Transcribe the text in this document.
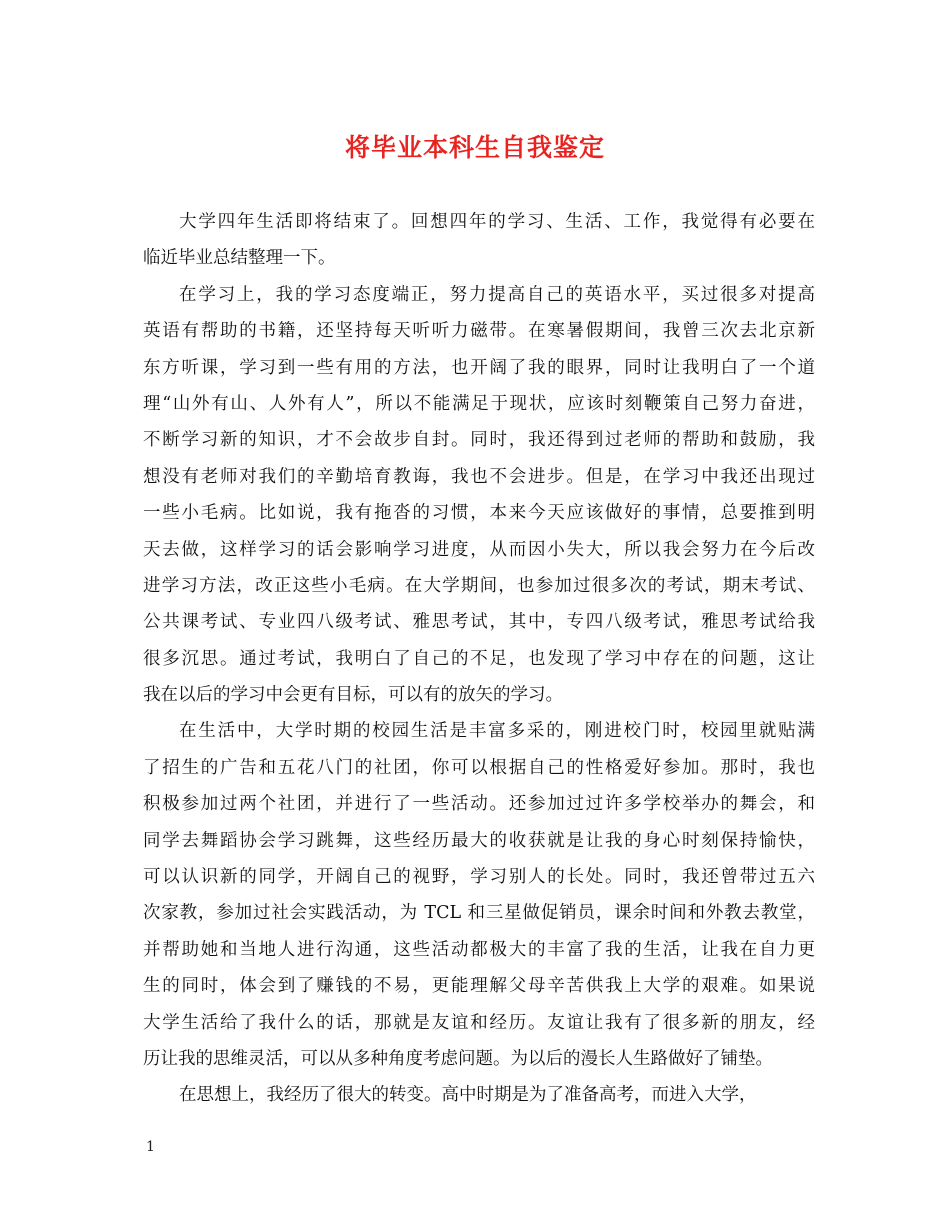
将毕业本科生自我鉴定
大学四年生活即将结束了。回想四年的学习、生活、工作，我觉得有必要在
临近毕业总结整理一下。
在学习上，我的学习态度端正，努力提高自己的英语水平，买过很多对提高
英语有帮助的书籍，还坚持每天听听力磁带。在寒暑假期间，我曾三次去北京新
东方听课，学习到一些有用的方法，也开阔了我的眼界，同时让我明白了一个道
理“山外有山、人外有人”，所以不能满足于现状，应该时刻鞭策自己努力奋进，
不断学习新的知识，才不会故步自封。同时，我还得到过老师的帮助和鼓励，我
想没有老师对我们的辛勤培育教诲，我也不会进步。但是，在学习中我还出现过
一些小毛病。比如说，我有拖沓的习惯，本来今天应该做好的事情，总要推到明
天去做，这样学习的话会影响学习进度，从而因小失大，所以我会努力在今后改
进学习方法，改正这些小毛病。在大学期间，也参加过很多次的考试，期末考试、
公共课考试、专业四八级考试、雅思考试，其中，专四八级考试，雅思考试给我
很多沉思。通过考试，我明白了自己的不足，也发现了学习中存在的问题，这让
我在以后的学习中会更有目标，可以有的放矢的学习。
在生活中，大学时期的校园生活是丰富多采的，刚进校门时，校园里就贴满
了招生的广告和五花八门的社团，你可以根据自己的性格爱好参加。那时，我也
积极参加过两个社团，并进行了一些活动。还参加过过许多学校举办的舞会，和
同学去舞蹈协会学习跳舞，这些经历最大的收获就是让我的身心时刻保持愉快，
可以认识新的同学，开阔自己的视野，学习别人的长处。同时，我还曾带过五六
次家教，参加过社会实践活动，为 TCL 和三星做促销员，课余时间和外教去教堂，
并帮助她和当地人进行沟通，这些活动都极大的丰富了我的生活，让我在自力更
生的同时，体会到了赚钱的不易，更能理解父母辛苦供我上大学的艰难。如果说
大学生活给了我什么的话，那就是友谊和经历。友谊让我有了很多新的朋友，经
历让我的思维灵活，可以从多种角度考虑问题。为以后的漫长人生路做好了铺垫。
在思想上，我经历了很大的转变。高中时期是为了准备高考，而进入大学，
1
